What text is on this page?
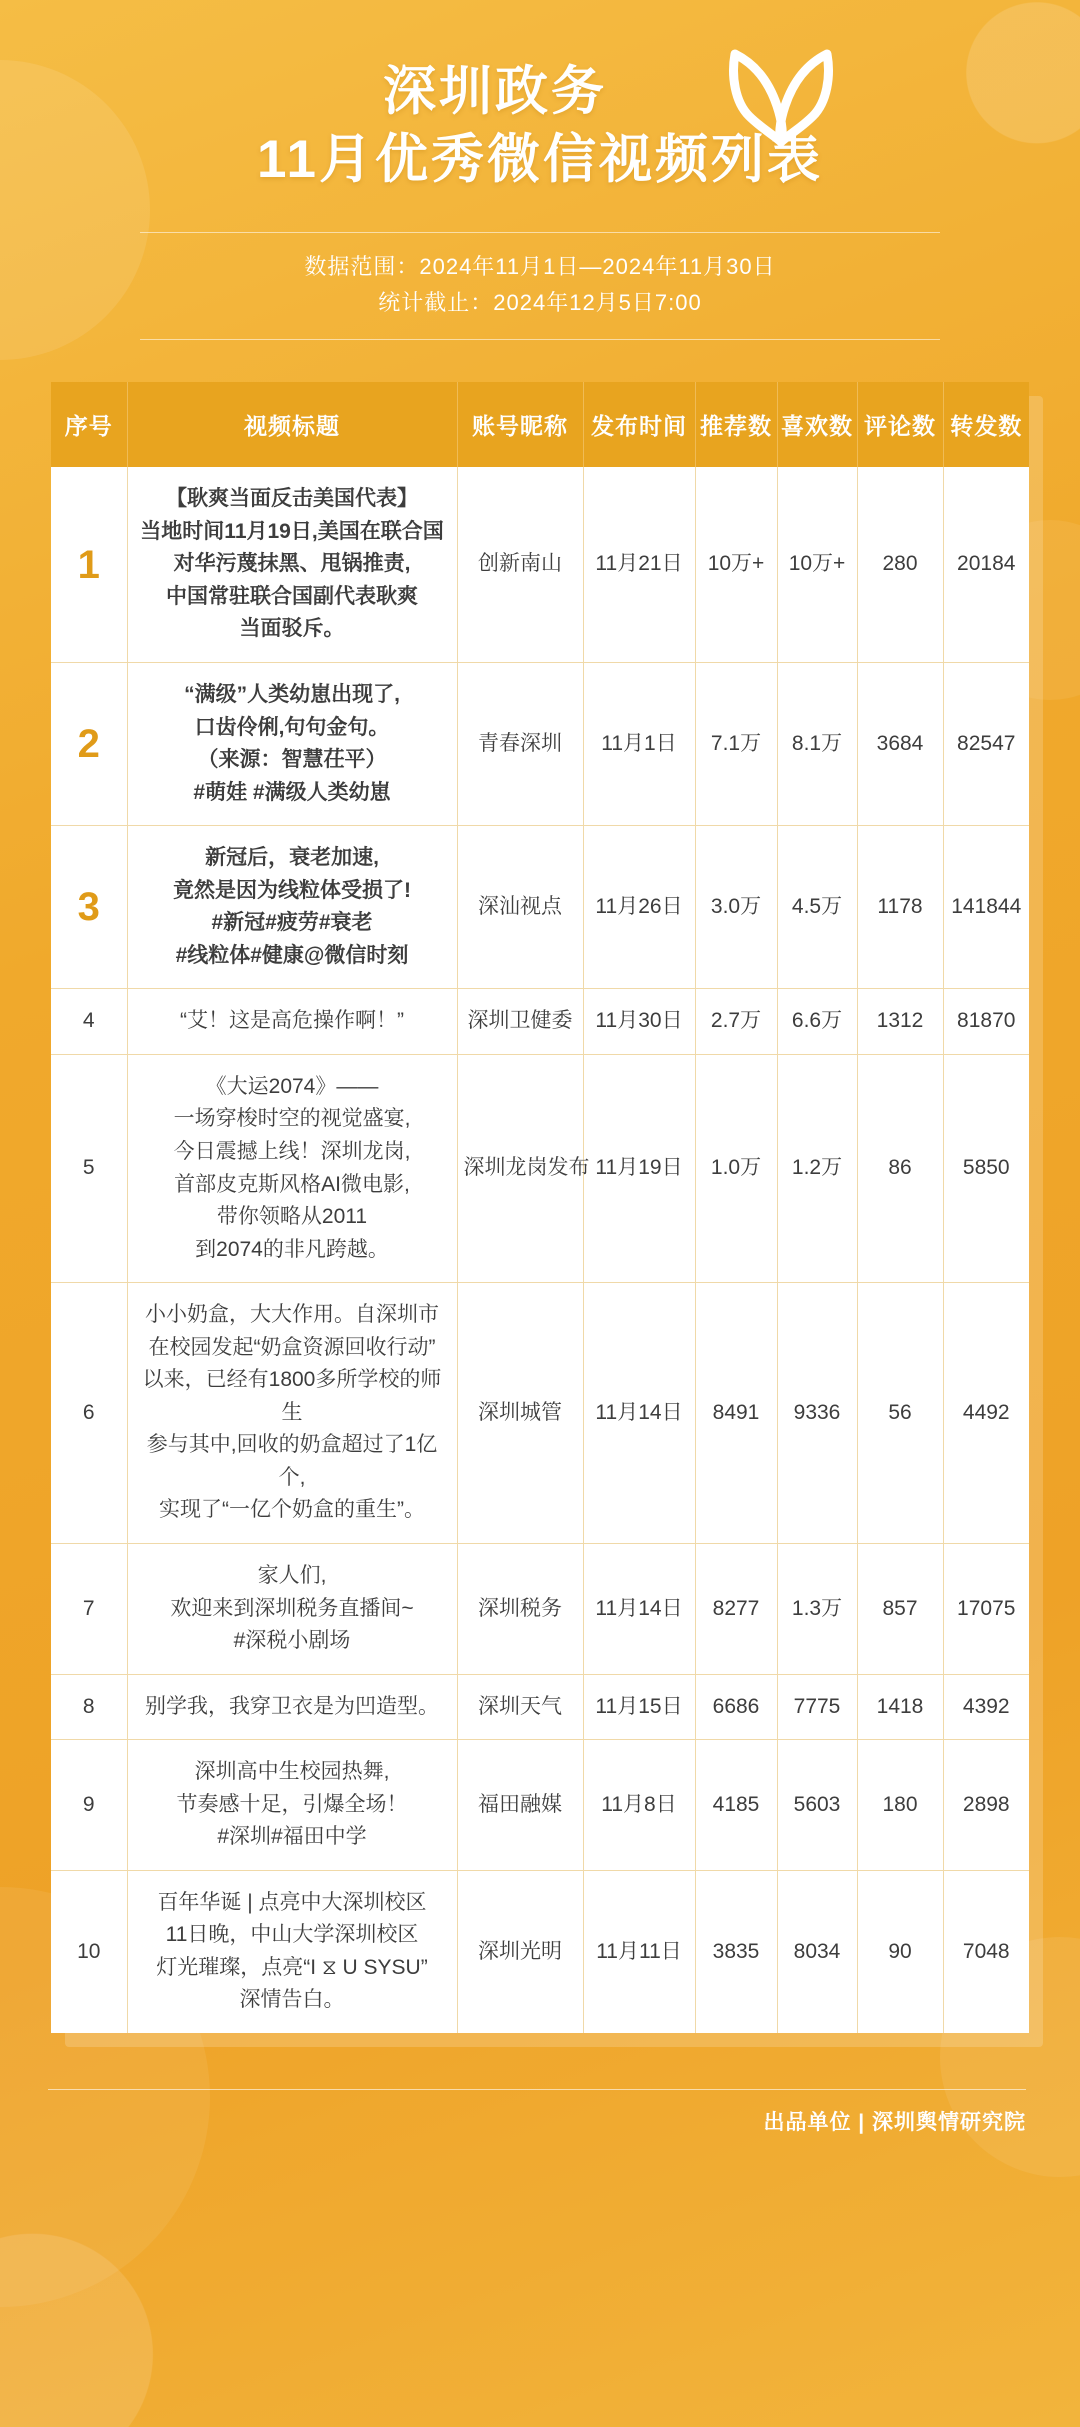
深圳政务
11月优秀微信视频列表
数据范围：2024年11月1日—2024年11月30日
统计截止：2024年12月5日7:00
序号	视频标题	账号昵称	发布时间	推荐数	喜欢数	评论数	转发数
1	【耿爽当面反击美国代表】
当地时间11月19日,美国在联合国
对华污蔑抹黑、甩锅推责,
中国常驻联合国副代表耿爽
当面驳斥。	创新南山	11月21日	10万+	10万+	280	20184
2	“满级”人类幼崽出现了,
口齿伶俐,句句金句。
（来源：智慧茌平）
#萌娃 #满级人类幼崽	青春深圳	11月1日	7.1万	8.1万	3684	82547
3	新冠后，衰老加速,
竟然是因为线粒体受损了!
#新冠#疲劳#衰老
#线粒体#健康@微信时刻	深汕视点	11月26日	3.0万	4.5万	1178	141844
4	“艾！这是高危操作啊！”	深圳卫健委	11月30日	2.7万	6.6万	1312	81870
5	《大运2074》——
一场穿梭时空的视觉盛宴,
今日震撼上线！深圳龙岗,
首部皮克斯风格AI微电影,
带你领略从2011
到2074的非凡跨越。	深圳龙岗发布	11月19日	1.0万	1.2万	86	5850
6	小小奶盒，大大作用。自深圳市
在校园发起“奶盒资源回收行动”
以来，已经有1800多所学校的师生
参与其中,回收的奶盒超过了1亿个,
实现了“一亿个奶盒的重生”。	深圳城管	11月14日	8491	9336	56	4492
7	家人们,
欢迎来到深圳税务直播间~
#深税小剧场	深圳税务	11月14日	8277	1.3万	857	17075
8	别学我，我穿卫衣是为凹造型。	深圳天气	11月15日	6686	7775	1418	4392
9	深圳高中生校园热舞,
节奏感十足，引爆全场！
#深圳#福田中学	福田融媒	11月8日	4185	5603	180	2898
10	百年华诞 | 点亮中大深圳校区
11日晚，中山大学深圳校区
灯光璀璨，点亮“I ⧖ U SYSU”
深情告白。	深圳光明	11月11日	3835	8034	90	7048
出品单位 | 深圳舆情研究院
